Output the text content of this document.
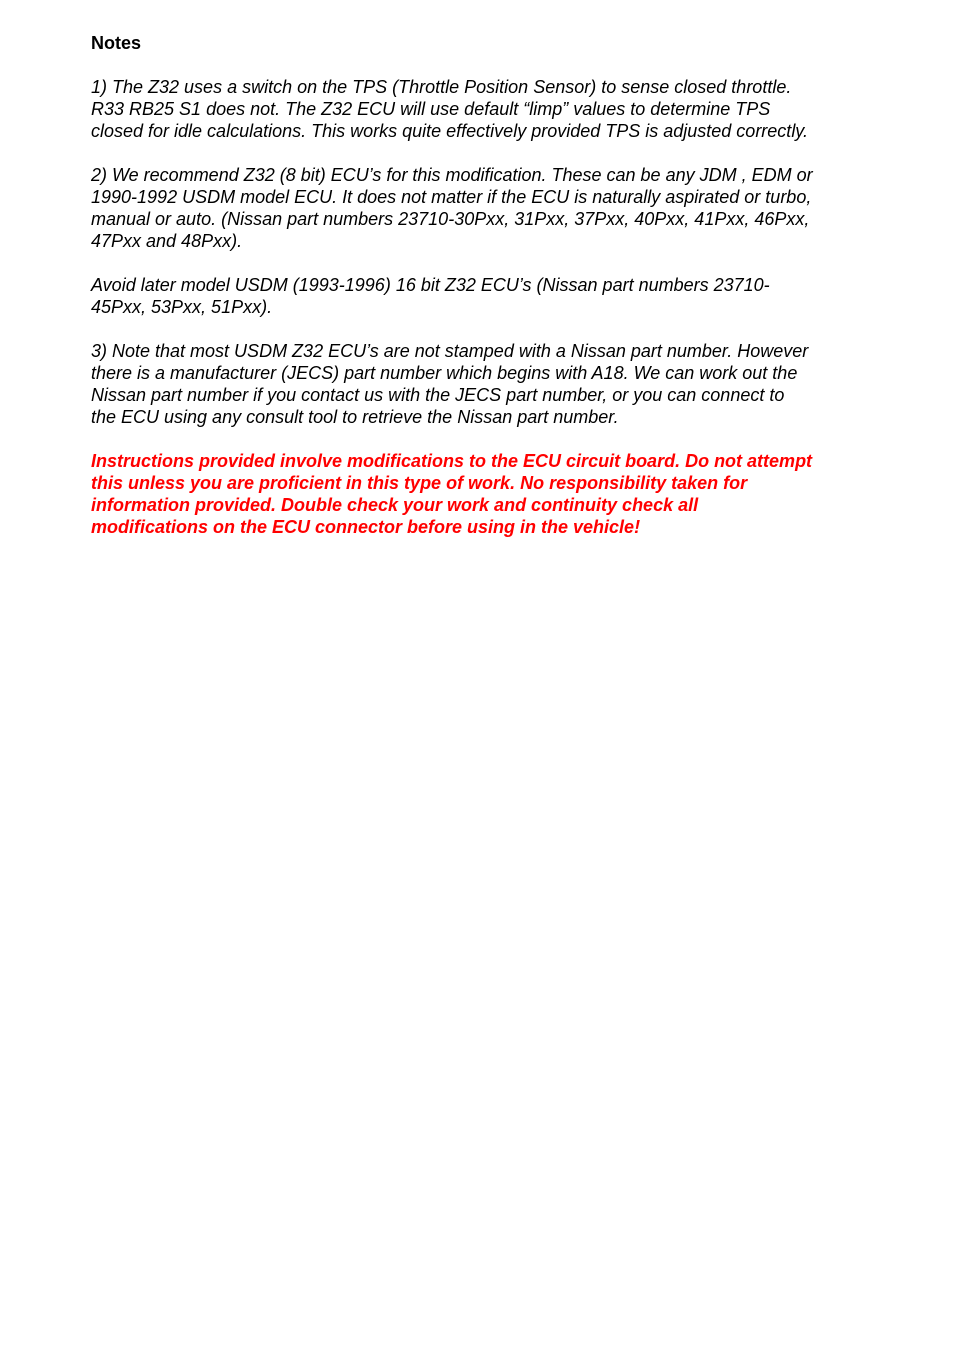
Notes
1) The Z32 uses a switch on the TPS (Throttle Position Sensor) to sense closed throttle.
R33 RB25 S1 does not. The Z32 ECU will use default “limp” values to determine TPS
closed for idle calculations. This works quite effectively provided TPS is adjusted correctly.
2) We recommend Z32 (8 bit) ECU’s for this modification. These can be any JDM , EDM or
1990-1992 USDM model ECU. It does not matter if the ECU is naturally aspirated or turbo,
manual or auto. (Nissan part numbers 23710-30Pxx, 31Pxx, 37Pxx, 40Pxx, 41Pxx, 46Pxx,
47Pxx and 48Pxx).
Avoid later model USDM (1993-1996) 16 bit Z32 ECU’s (Nissan part numbers 23710-
45Pxx, 53Pxx, 51Pxx).
3) Note that most USDM Z32 ECU’s are not stamped with a Nissan part number. However
there is a manufacturer (JECS) part number which begins with A18. We can work out the
Nissan part number if you contact us with the JECS part number, or you can connect to
the ECU using any consult tool to retrieve the Nissan part number.
Instructions provided involve modifications to the ECU circuit board. Do not attempt
this unless you are proficient in this type of work. No responsibility taken for
information provided. Double check your work and continuity check all
modifications on the ECU connector before using in the vehicle!
